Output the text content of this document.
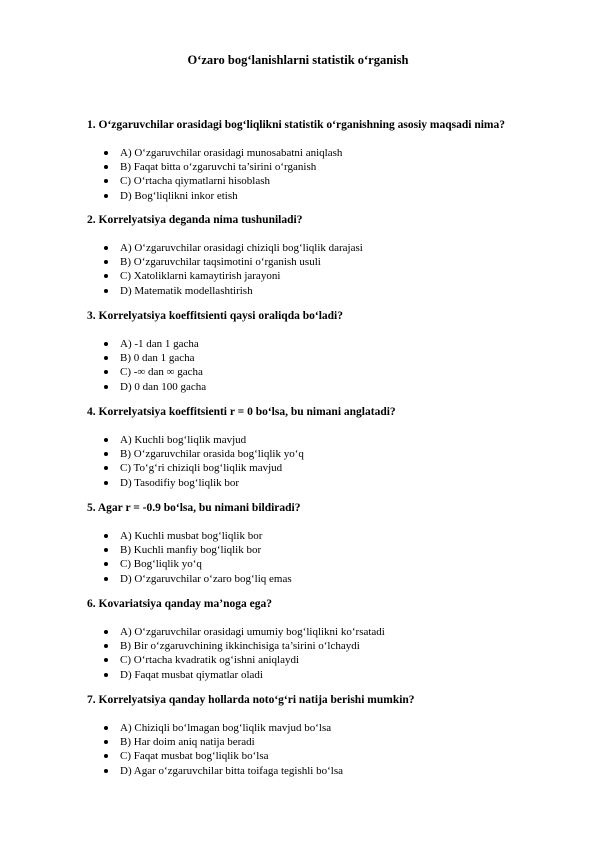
O‘zaro bog‘lanishlarni statistik o‘rganish
1. O‘zgaruvchilar orasidagi bog‘liqlikni statistik o‘rganishning asosiy maqsadi nima?
A) O‘zgaruvchilar orasidagi munosabatni aniqlash
B) Faqat bitta o‘zgaruvchi ta’sirini o‘rganish
C) O‘rtacha qiymatlarni hisoblash
D) Bog‘liqlikni inkor etish
2. Korrelyatsiya deganda nima tushuniladi?
A) O‘zgaruvchilar orasidagi chiziqli bog‘liqlik darajasi
B) O‘zgaruvchilar taqsimotini o‘rganish usuli
C) Xatoliklarni kamaytirish jarayoni
D) Matematik modellashtirish
3. Korrelyatsiya koeffitsienti qaysi oraliqda bo‘ladi?
A) -1 dan 1 gacha
B) 0 dan 1 gacha
C) -∞ dan ∞ gacha
D) 0 dan 100 gacha
4. Korrelyatsiya koeffitsienti r = 0 bo‘lsa, bu nimani anglatadi?
A) Kuchli bog‘liqlik mavjud
B) O‘zgaruvchilar orasida bog‘liqlik yo‘q
C) To‘g‘ri chiziqli bog‘liqlik mavjud
D) Tasodifiy bog‘liqlik bor
5. Agar r = -0.9 bo‘lsa, bu nimani bildiradi?
A) Kuchli musbat bog‘liqlik bor
B) Kuchli manfiy bog‘liqlik bor
C) Bog‘liqlik yo‘q
D) O‘zgaruvchilar o‘zaro bog‘liq emas
6. Kovariatsiya qanday ma’noga ega?
A) O‘zgaruvchilar orasidagi umumiy bog‘liqlikni ko‘rsatadi
B) Bir o‘zgaruvchining ikkinchisiga ta’sirini o‘lchaydi
C) O‘rtacha kvadratik og‘ishni aniqlaydi
D) Faqat musbat qiymatlar oladi
7. Korrelyatsiya qanday hollarda noto‘g‘ri natija berishi mumkin?
A) Chiziqli bo‘lmagan bog‘liqlik mavjud bo‘lsa
B) Har doim aniq natija beradi
C) Faqat musbat bog‘liqlik bo‘lsa
D) Agar o‘zgaruvchilar bitta toifaga tegishli bo‘lsa
